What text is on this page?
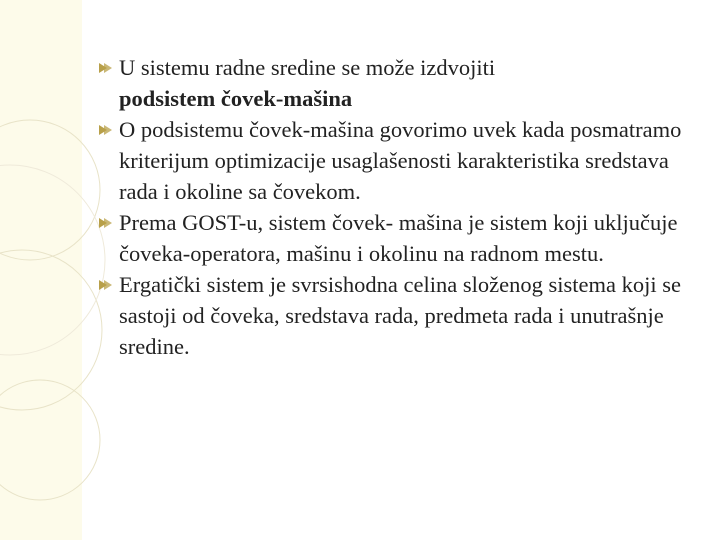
U sistemu radne sredine se može izdvojiti
podsistem čovek-mašina
O podsistemu čovek-mašina govorimo uvek kada posmatramo kriterijum optimizacije usaglašenosti karakteristika sredstava rada i okoline sa čovekom.
Prema GOST-u, sistem čovek- mašina je sistem koji uključuje čoveka-operatora, mašinu i okolinu na radnom mestu.
Ergatički sistem je svrsishodna celina složenog sistema koji se sastoji od čoveka, sredstava rada, predmeta rada i unutrašnje sredine.
